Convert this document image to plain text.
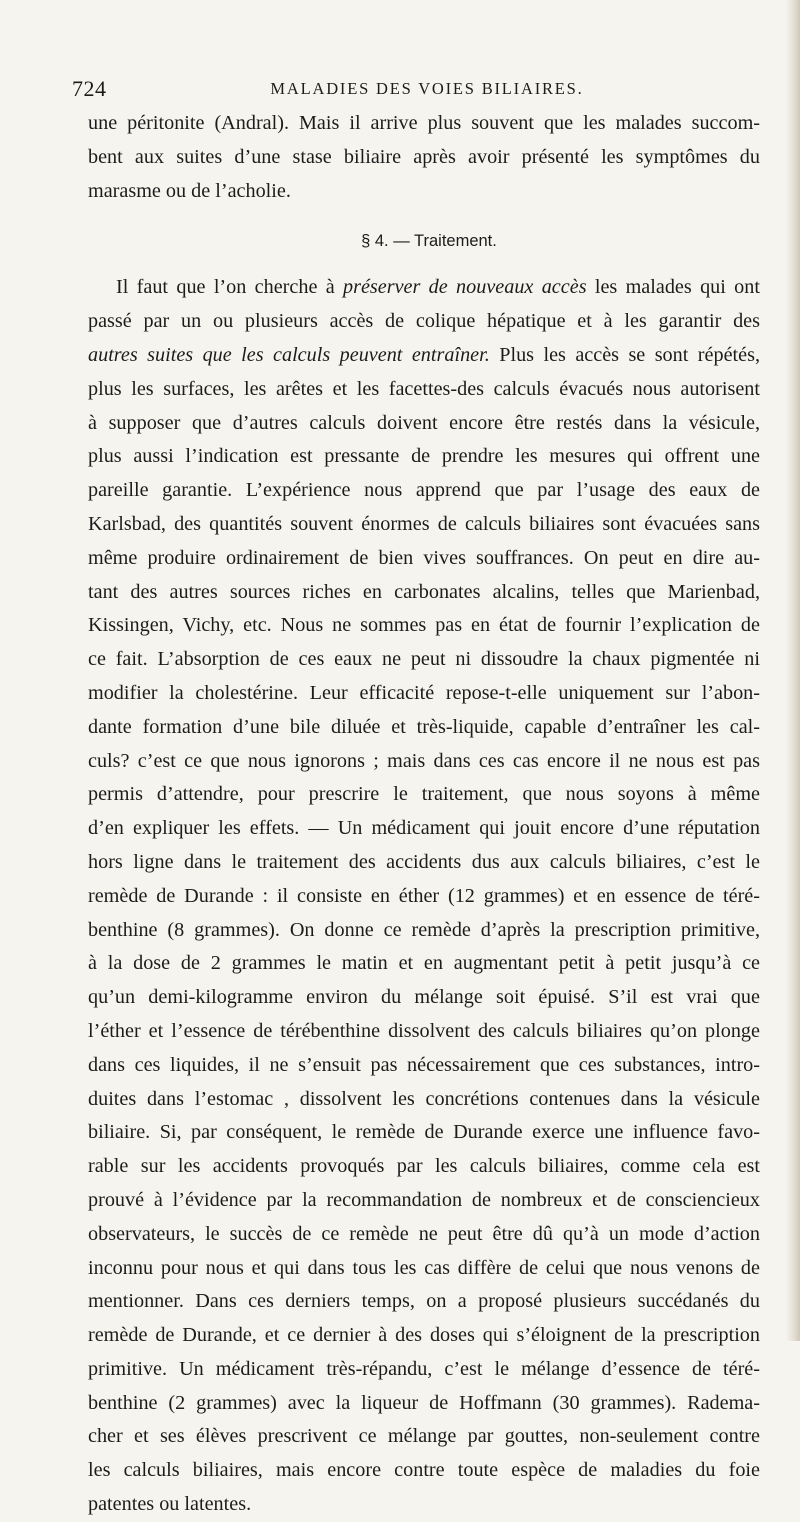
724	MALADIES DES VOIES BILIAIRES.

une péritonite (Andral). Mais il arrive plus souvent que les malades succom-
bent aux suites d’une stase biliaire après avoir présenté les symptômes du
marasme ou de l’acholie.

§ 4. — Traitement.

Il faut que l’on cherche à préserver de nouveaux accès les malades qui ont
passé par un ou plusieurs accès de colique hépatique et à les garantir des
autres suites que les calculs peuvent entraîner. Plus les accès se sont répétés,
plus les surfaces, les arêtes et les facettes-des calculs évacués nous autorisent
à supposer que d’autres calculs doivent encore être restés dans la vésicule,
plus aussi l’indication est pressante de prendre les mesures qui offrent une
pareille garantie. L’expérience nous apprend que par l’usage des eaux de
Karlsbad, des quantités souvent énormes de calculs biliaires sont évacuées sans
même produire ordinairement de bien vives souffrances. On peut en dire au-
tant des autres sources riches en carbonates alcalins, telles que Marienbad,
Kissingen, Vichy, etc. Nous ne sommes pas en état de fournir l’explication de
ce fait. L’absorption de ces eaux ne peut ni dissoudre la chaux pigmentée ni
modifier la cholestérine. Leur efficacité repose-t-elle uniquement sur l’abon-
dante formation d’une bile diluée et très-liquide, capable d’entraîner les cal-
culs? c’est ce que nous ignorons ; mais dans ces cas encore il ne nous est pas
permis d’attendre, pour prescrire le traitement, que nous soyons à même
d’en expliquer les effets. — Un médicament qui jouit encore d’une réputation
hors ligne dans le traitement des accidents dus aux calculs biliaires, c’est le
remède de Durande : il consiste en éther (12 grammes) et en essence de téré-
benthine (8 grammes). On donne ce remède d’après la prescription primitive,
à la dose de 2 grammes le matin et en augmentant petit à petit jusqu’à ce
qu’un demi-kilogramme environ du mélange soit épuisé. S’il est vrai que
l’éther et l’essence de térébenthine dissolvent des calculs biliaires qu’on plonge
dans ces liquides, il ne s’ensuit pas nécessairement que ces substances, intro-
duites dans l’estomac , dissolvent les concrétions contenues dans la vésicule
biliaire. Si, par conséquent, le remède de Durande exerce une influence favo-
rable sur les accidents provoqués par les calculs biliaires, comme cela est
prouvé à l’évidence par la recommandation de nombreux et de consciencieux
observateurs, le succès de ce remède ne peut être dû qu’à un mode d’action
inconnu pour nous et qui dans tous les cas diffère de celui que nous venons de
mentionner. Dans ces derniers temps, on a proposé plusieurs succédanés du
remède de Durande, et ce dernier à des doses qui s’éloignent de la prescription
primitive. Un médicament très-répandu, c’est le mélange d’essence de téré-
benthine (2 grammes) avec la liqueur de Hoffmann (30 grammes). Radema-
cher et ses élèves prescrivent ce mélange par gouttes, non-seulement contre
les calculs biliaires, mais encore contre toute espèce de maladies du foie
patentes ou latentes.
